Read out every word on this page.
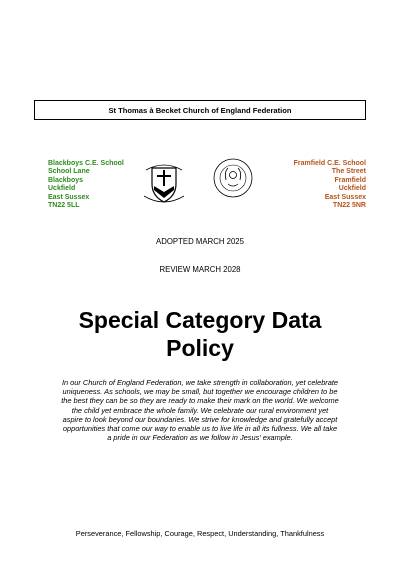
St Thomas à Becket Church of England Federation
Blackboys C.E. School
School Lane
Blackboys
Uckfield
East Sussex
TN22 5LL
Framfield C.E. School
The Street
Framfield
Uckfield
East Sussex
TN22 5NR
ADOPTED MARCH 2025
REVIEW MARCH 2028
Special Category Data
Policy
In our Church of England Federation, we take strength in collaboration, yet celebrate
uniqueness. As schools, we may be small, but together we encourage children to be
the best they can be so they are ready to make their mark on the world. We welcome
the child yet embrace the whole family. We celebrate our rural environment yet
aspire to look beyond our boundaries. We strive for knowledge and gratefully accept
opportunities that come our way to enable us to live life in all its fullness. We all take
a pride in our Federation as we follow in Jesus' example.
Perseverance, Fellowship, Courage, Respect, Understanding, Thankfulness
